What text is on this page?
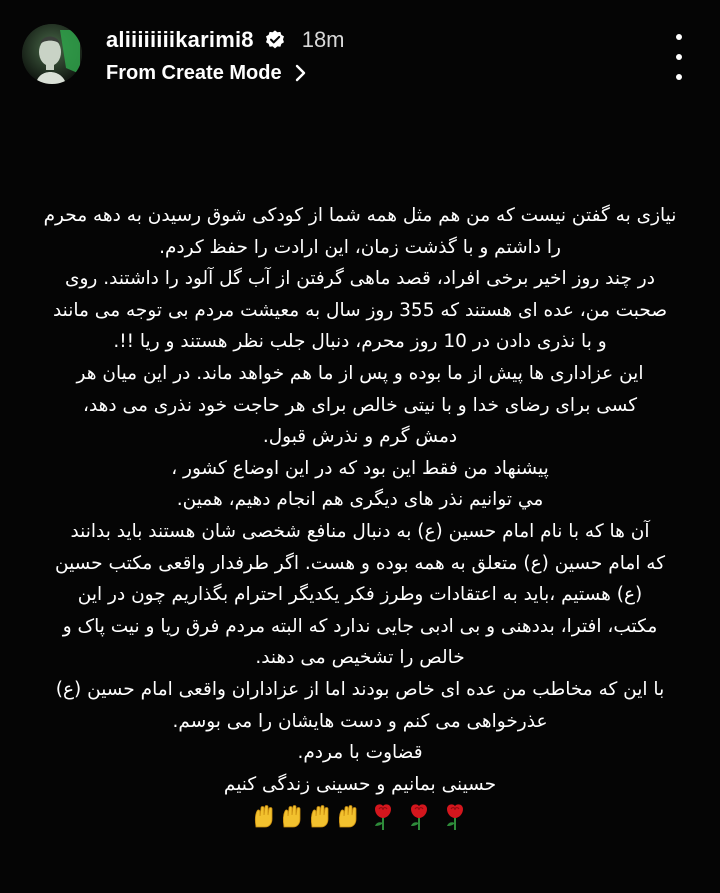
aliiiiiiiikarimi8 18m
From Create Mode
نیازی به گفتن نیست که من هم مثل همه شما از کودکی شوق رسیدن به دهه محرم
را داشتم و با گذشت زمان، این ارادت را حفظ کردم.
در چند روز اخیر برخی افراد، قصد ماهی گرفتن از آب گل آلود را داشتند. روی
صحبت من، عده ای هستند که 355 روز سال به معیشت مردم بی توجه می مانند
و با نذری دادن در 10 روز محرم، دنبال جلب نظر هستند و ریا !!.
این عزاداری ها پیش از ما بوده و پس از ما هم خواهد ماند. در این میان هر
کسی برای رضای خدا و با نیتی خالص برای هر حاجت خود نذری می دهد،
دمش گرم و نذرش قبول.
پیشنهاد من فقط این بود که در این اوضاع کشور ،
مي توانيم نذر های دیگری هم انجام دهیم، همین.
آن ها که با نام امام حسین (ع) به دنبال منافع شخصی شان هستند باید بدانند
که امام حسین (ع) متعلق به همه بوده و هست. اگر طرفدار واقعی مکتب حسین
(ع) هستیم ،باید به اعتقادات وطرز فکر یکدیگر احترام بگذاریم چون در این
مکتب، افترا، بددهنی و بی ادبی جایی ندارد که البته مردم فرق ریا و نیت پاک و
خالص را تشخیص می دهند.
با این که مخاطب من عده ای خاص بودند اما از عزاداران واقعی امام حسین (ع)
عذرخواهی می کنم و دست هایشان را می بوسم.
قضاوت با مردم.
حسینی بمانیم و حسینی زندگی کنیم
